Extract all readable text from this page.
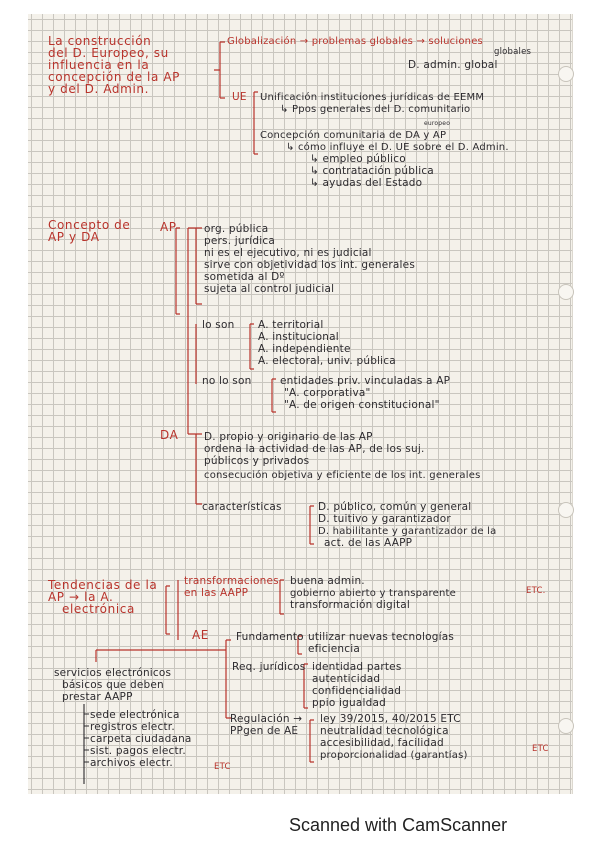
La construcción
del D. Europeo, su
influencia en la
concepción de la AP
y del D. Admin.
Globalización → problemas globales → soluciones
globales
D. admin. global
UE Unificación instituciones jurídicas de EEMM
↳ Ppos generales del D. comunitario
Concepción comunitaria de DA y AP
europeo
↳ cómo influye el D. UE sobre el D. Admin.
↳ empleo público
↳ contratación pública
↳ ayudas del Estado
Concepto de
AP y DA
AP	org. pública
pers. jurídica
ni es el ejecutivo, ni es judicial
sirve con objetividad los int. generales
sometida al Dº
sujeta al control judicial
lo son A. territorial
A. institucional
A. independiente
A. electoral, univ. pública
no lo son	entidades priv. vinculadas a AP
"A. corporativa"
"A. de origen constitucional"
DA D. propio y originario de las AP
ordena la actividad de las AP, de los suj.
públicos y privados
consecución objetiva y eficiente de los int. generales
características	D. público, común y general
D. tuitivo y garantizador
D. habilitante y garantizador de la
act. de las AAPP
Tendencias de la
AP → la A.
electrónica
transformaciones
en las AAPP
buena admin.
gobierno abierto y transparente
transformación digital
ETC.
AE	Fundamento utilizar nuevas tecnologías
eficiencia
Req. jurídicos identidad partes
autenticidad
confidencialidad
ppio igualdad
Regulación →
PPgen de AE
ley 39/2015, 40/2015 ETC
neutralidad tecnológica
accesibilidad, facilidad
proporcionalidad (garantías)
ETC
servicios electrónicos
básicos que deben
prestar AAPP
sede electrónica
registros electr.
carpeta ciudadana
sist. pagos electr.
archivos electr.	ETC
Scanned with CamScanner
